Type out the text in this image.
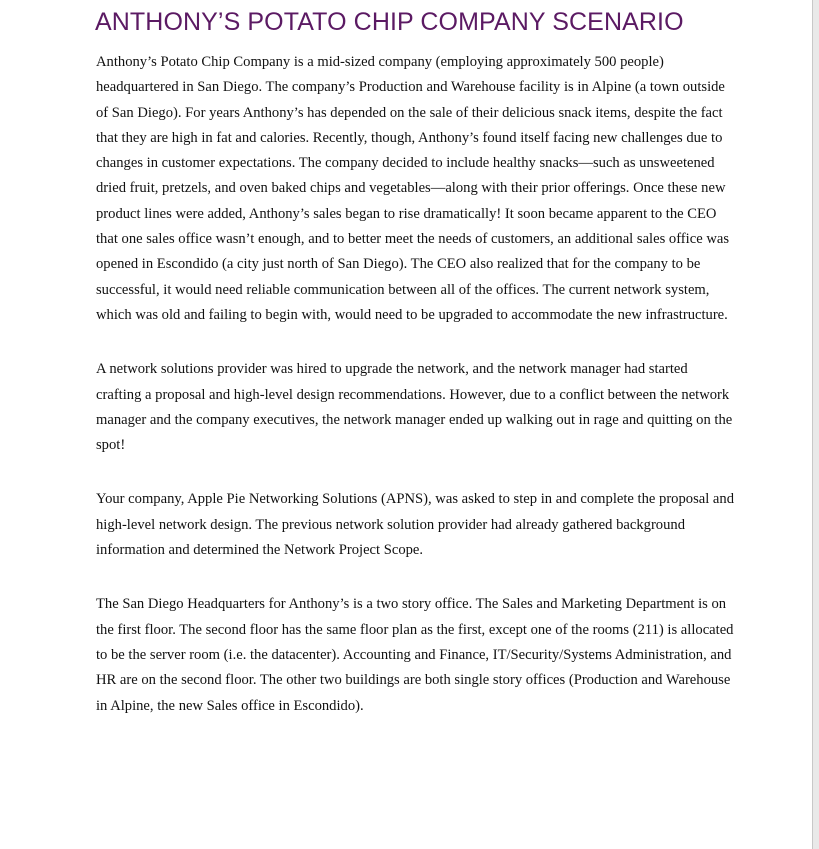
ANTHONY’S POTATO CHIP COMPANY SCENARIO

Anthony’s Potato Chip Company is a mid-sized company (employing approximately 500 people) headquartered in San Diego. The company’s Production and Warehouse facility is in Alpine (a town outside of San Diego). For years Anthony’s has depended on the sale of their delicious snack items, despite the fact that they are high in fat and calories. Recently, though, Anthony’s found itself facing new challenges due to changes in customer expectations. The company decided to include healthy snacks—such as unsweetened dried fruit, pretzels, and oven baked chips and vegetables—along with their prior offerings. Once these new product lines were added, Anthony’s sales began to rise dramatically! It soon became apparent to the CEO that one sales office wasn’t enough, and to better meet the needs of customers, an additional sales office was opened in Escondido (a city just north of San Diego). The CEO also realized that for the company to be successful, it would need reliable communication between all of the offices. The current network system, which was old and failing to begin with, would need to be upgraded to accommodate the new infrastructure.

A network solutions provider was hired to upgrade the network, and the network manager had started crafting a proposal and high-level design recommendations. However, due to a conflict between the network manager and the company executives, the network manager ended up walking out in rage and quitting on the spot!

Your company, Apple Pie Networking Solutions (APNS), was asked to step in and complete the proposal and high-level network design. The previous network solution provider had already gathered background information and determined the Network Project Scope.

The San Diego Headquarters for Anthony’s is a two story office. The Sales and Marketing Department is on the first floor. The second floor has the same floor plan as the first, except one of the rooms (211) is allocated to be the server room (i.e. the datacenter). Accounting and Finance, IT/Security/Systems Administration, and HR are on the second floor. The other two buildings are both single story offices (Production and Warehouse in Alpine, the new Sales office in Escondido).
